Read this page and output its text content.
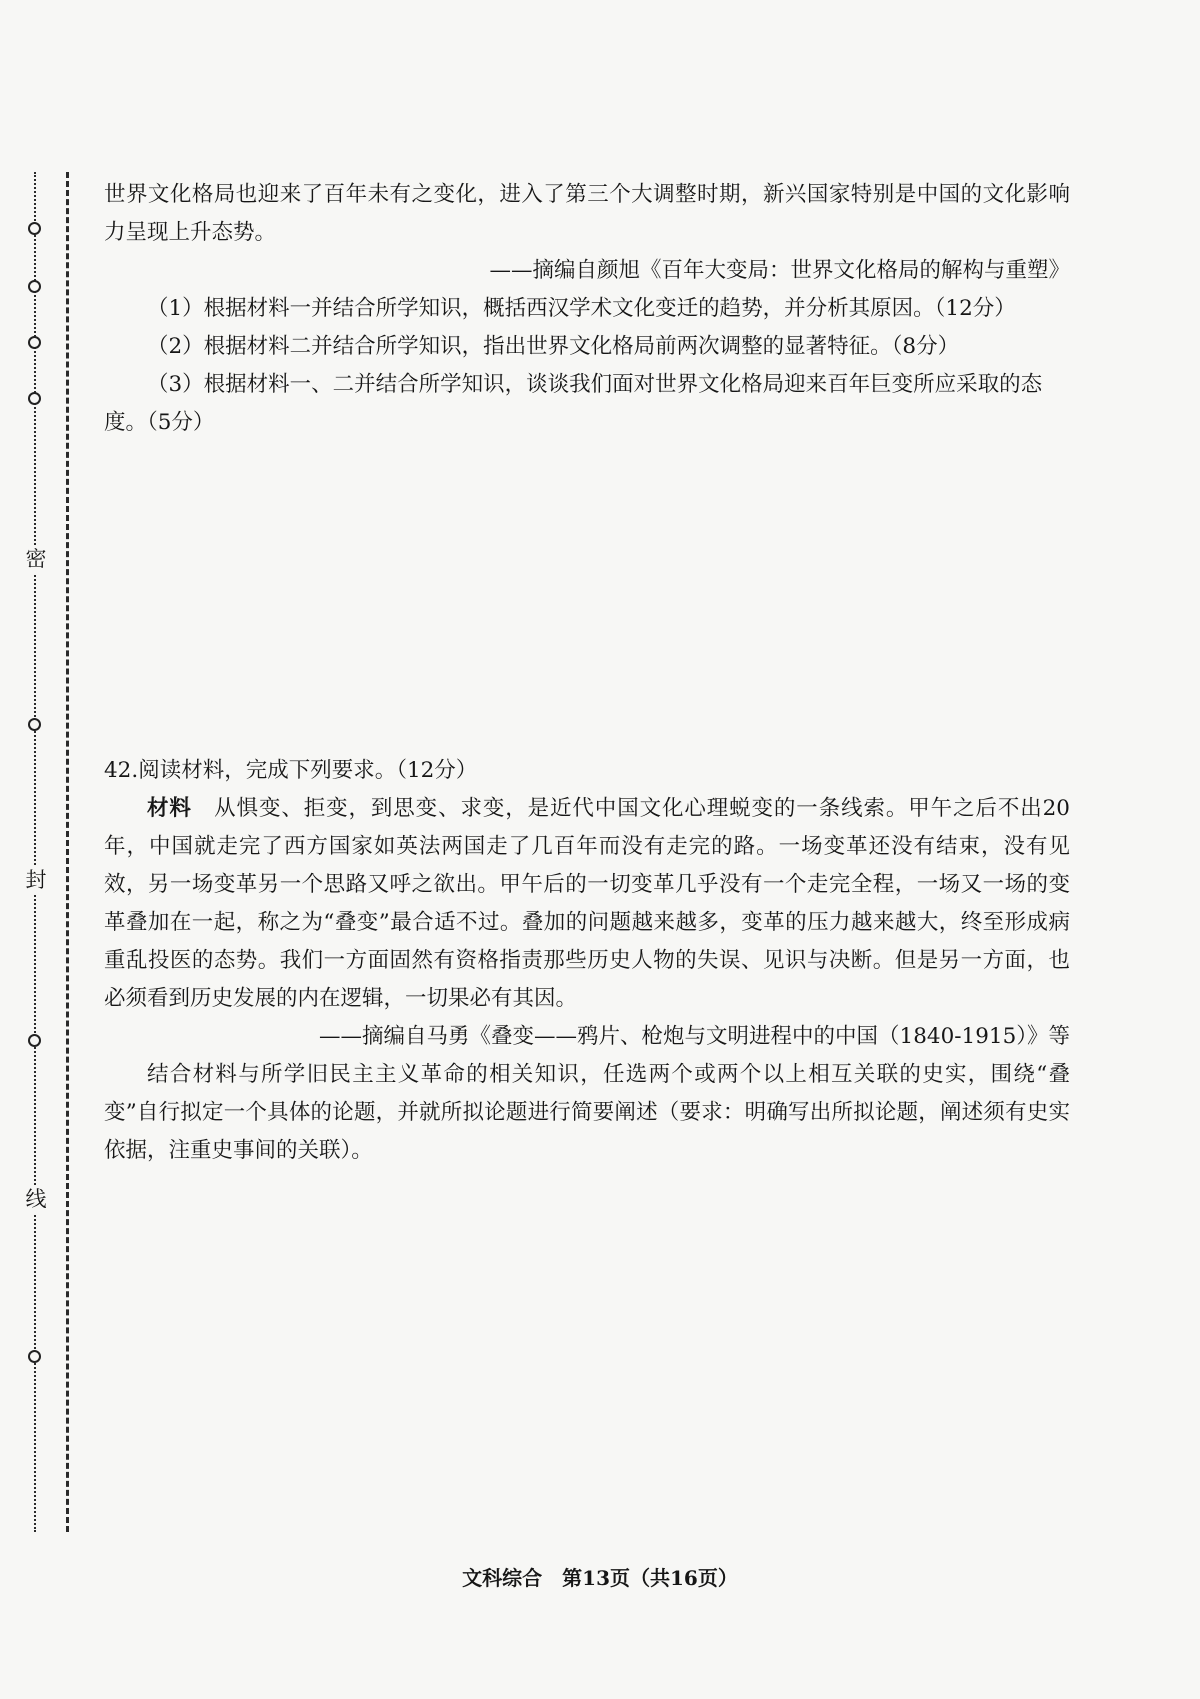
密
封
线

世界文化格局也迎来了百年未有之变化，进入了第三个大调整时期，新兴国家特别是中国的文化影响力呈现上升态势。

——摘编自颜旭《百年大变局：世界文化格局的解构与重塑》

（1）根据材料一并结合所学知识，概括西汉学术文化变迁的趋势，并分析其原因。（12分）

（2）根据材料二并结合所学知识，指出世界文化格局前两次调整的显著特征。（8分）

（3）根据材料一、二并结合所学知识，谈谈我们面对世界文化格局迎来百年巨变所应采取的态度。（5分）

42.阅读材料，完成下列要求。（12分）

材料　 从惧变、拒变，到思变、求变，是近代中国文化心理蜕变的一条线索。甲午之后不出20年，中国就走完了西方国家如英法两国走了几百年而没有走完的路。一场变革还没有结束，没有见效，另一场变革另一个思路又呼之欲出。甲午后的一切变革几乎没有一个走完全程，一场又一场的变革叠加在一起，称之为“叠变”最合适不过。叠加的问题越来越多，变革的压力越来越大，终至形成病重乱投医的态势。我们一方面固然有资格指责那些历史人物的失误、见识与决断。但是另一方面，也必须看到历史发展的内在逻辑，一切果必有其因。

——摘编自马勇《叠变——鸦片、枪炮与文明进程中的中国（1840-1915）》等

结合材料与所学旧民主主义革命的相关知识，任选两个或两个以上相互关联的史实，围绕“叠变”自行拟定一个具体的论题，并就所拟论题进行简要阐述（要求：明确写出所拟论题，阐述须有史实依据，注重史事间的关联）。

文科综合　第13页（共16页）
